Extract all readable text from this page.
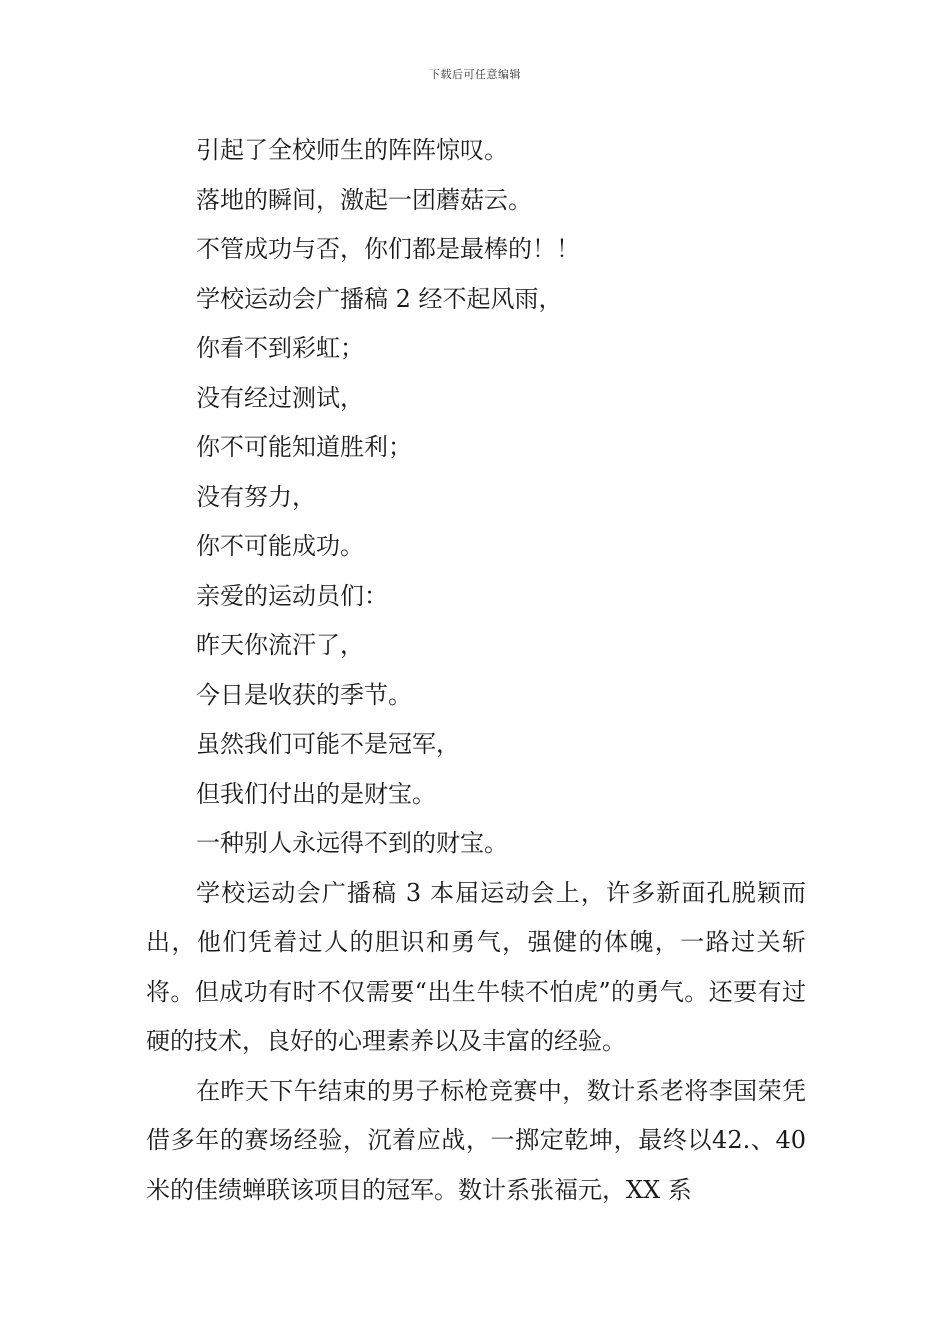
下载后可任意编辑

引起了全校师生的阵阵惊叹。

落地的瞬间，激起一团蘑菇云。

不管成功与否，你们都是最棒的！！

学校运动会广播稿 2 经不起风雨，

你看不到彩虹；

没有经过测试，

你不可能知道胜利；

没有努力，

你不可能成功。

亲爱的运动员们：

昨天你流汗了，

今日是收获的季节。

虽然我们可能不是冠军，

但我们付出的是财宝。

一种别人永远得不到的财宝。

学校运动会广播稿 3 本届运动会上，许多新面孔脱颖而出，他们凭着过人的胆识和勇气，强健的体魄，一路过关斩将。但成功有时不仅需要“出生牛犊不怕虎”的勇气。还要有过硬的技术，良好的心理素养以及丰富的经验。

在昨天下午结束的男子标枪竞赛中，数计系老将李国荣凭借多年的赛场经验，沉着应战，一掷定乾坤，最终以42.、40 米的佳绩蝉联该项目的冠军。数计系张福元，XX 系
